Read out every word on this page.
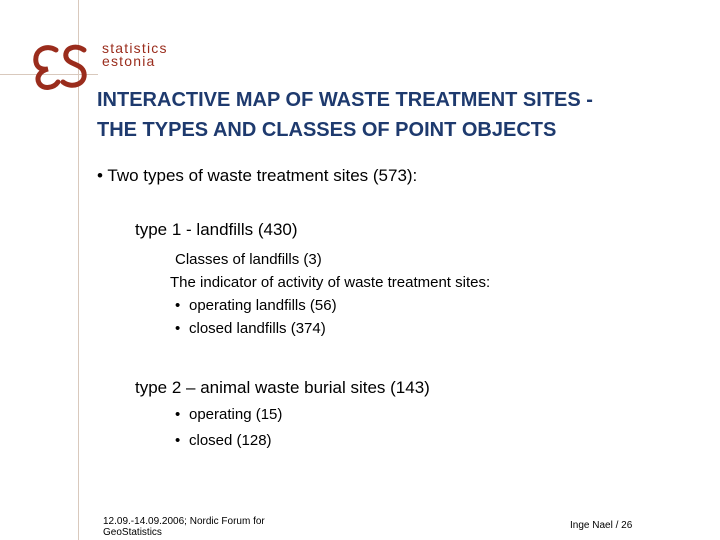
statistics
estonia
INTERACTIVE MAP OF WASTE TREATMENT SITES -
THE TYPES AND CLASSES OF POINT OBJECTS
• Two types of waste treatment sites (573):
type 1 - landfills (430)
Classes of landfills (3)
The indicator of activity of waste treatment sites:
• operating landfills (56)
• closed landfills (374)
type 2 – animal waste burial sites (143)
• operating (15)
• closed (128)
12.09.-14.09.2006; Nordic Forum for
GeoStatistics
Inge Nael / 26
